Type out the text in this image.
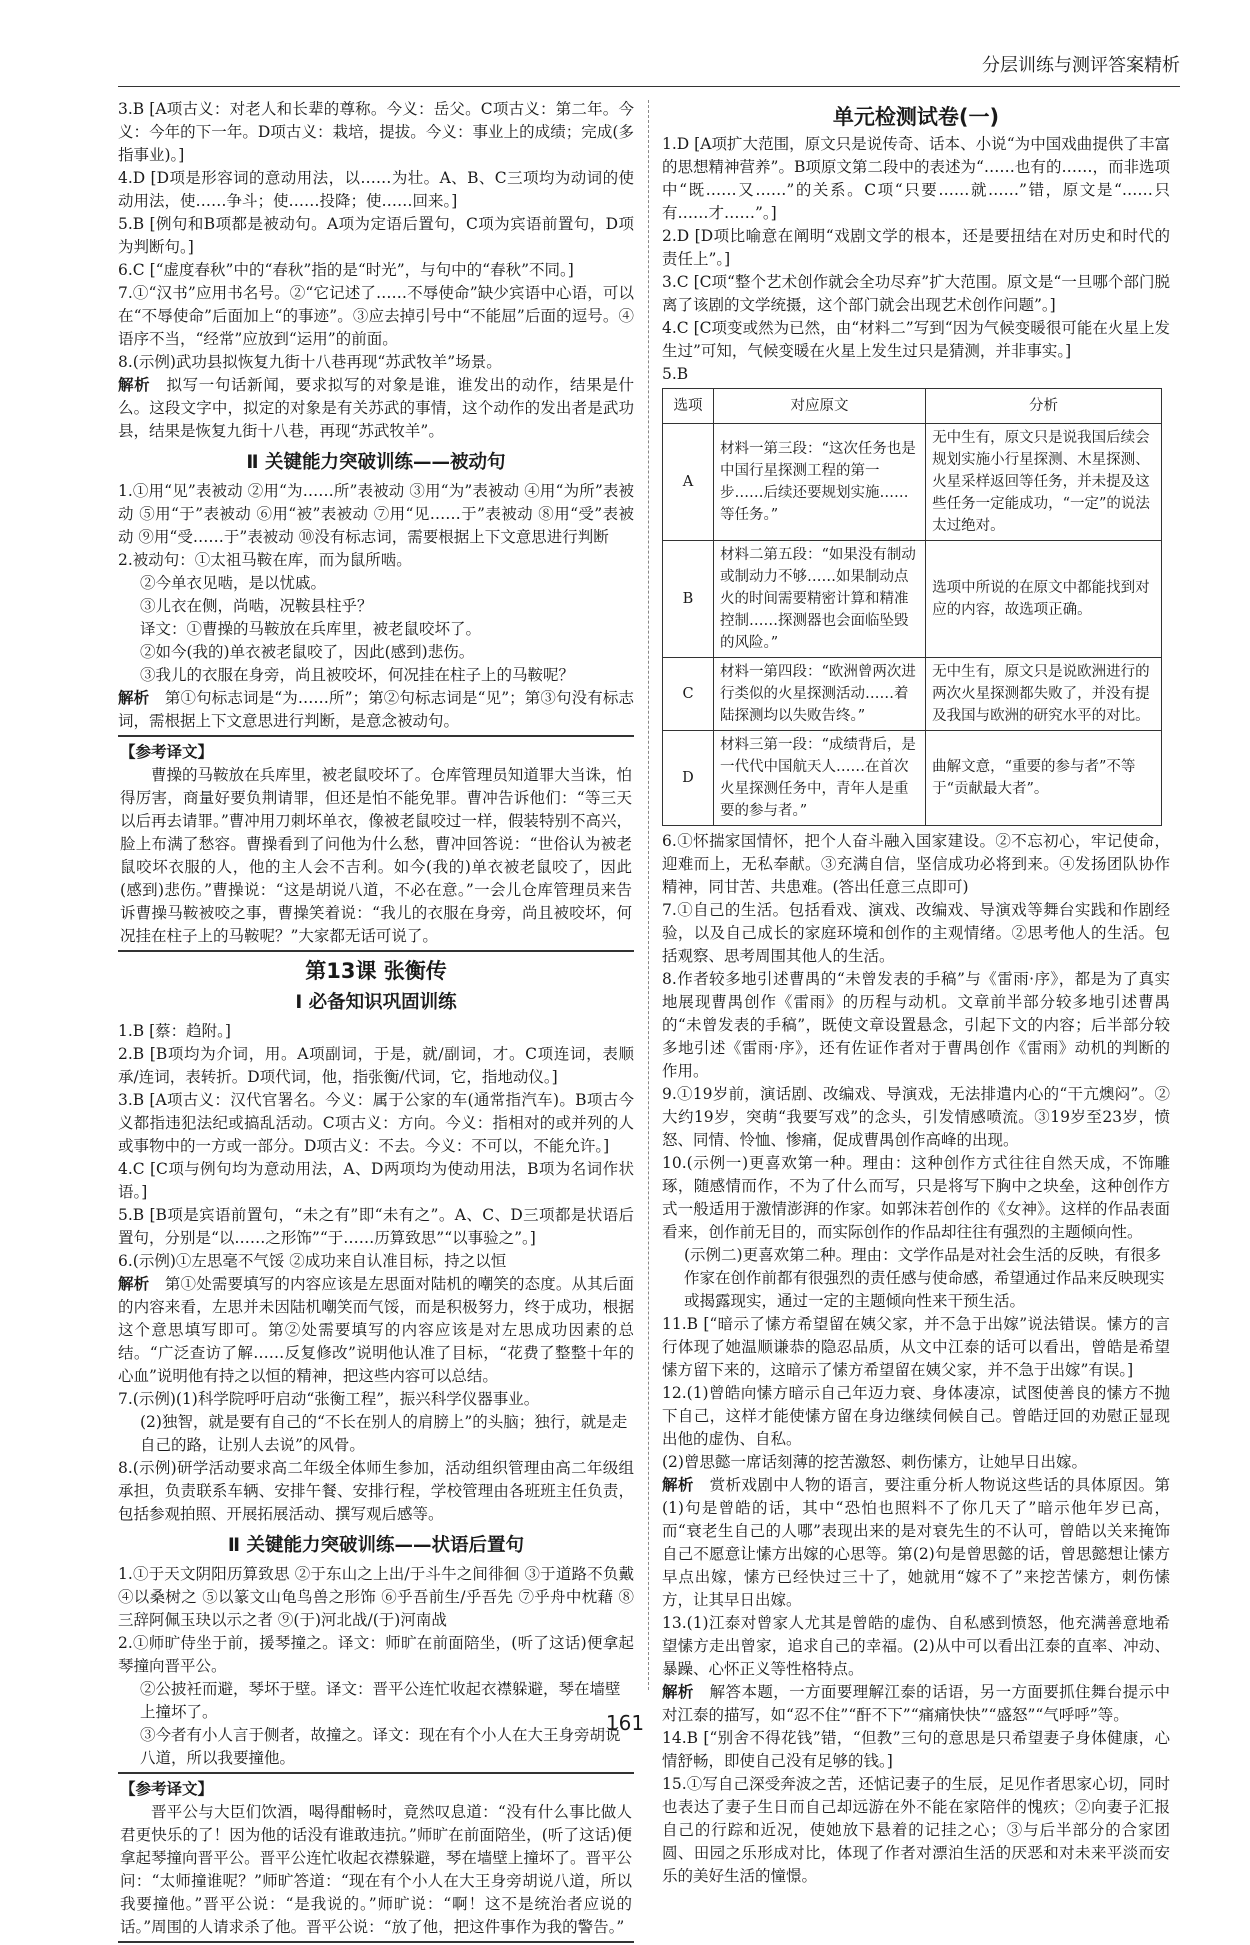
分层训练与测评答案精析

3.B [A项古义：对老人和长辈的尊称。今义：岳父。C项古义：第二年。今义：今年的下一年。D项古义：栽培，提拔。今义：事业上的成绩；完成(多指事业)。]

4.D [D项是形容词的意动用法，以……为壮。A、B、C三项均为动词的使动用法，使……争斗；使……投降；使……回来。]

5.B [例句和B项都是被动句。A项为定语后置句，C项为宾语前置句，D项为判断句。]

6.C [“虚度春秋”中的“春秋”指的是“时光”，与句中的“春秋”不同。]

7.①“汉书”应用书名号。②“它记述了……不辱使命”缺少宾语中心语，可以在“不辱使命”后面加上“的事迹”。③应去掉引号中“不能屈”后面的逗号。④语序不当，“经常”应放到“运用”的前面。

8.(示例)武功县拟恢复九街十八巷再现“苏武牧羊”场景。

解析　 拟写一句话新闻，要求拟写的对象是谁，谁发出的动作，结果是什么。这段文字中，拟定的对象是有关苏武的事情，这个动作的发出者是武功县，结果是恢复九街十八巷，再现“苏武牧羊”。

Ⅱ 关键能力突破训练——被动句

1.①用“见”表被动 ②用“为……所”表被动 ③用“为”表被动 ④用“为所”表被动 ⑤用“于”表被动 ⑥用“被”表被动 ⑦用“见……于”表被动 ⑧用“受”表被动 ⑨用“受……于”表被动 ⑩没有标志词，需要根据上下文意思进行判断

2.被动句：①太祖马鞍在库，而为鼠所啮。

②今单衣见啮，是以忧戚。

③儿衣在侧，尚啮，况鞍县柱乎？

译文：①曹操的马鞍放在兵库里，被老鼠咬坏了。

②如今(我的)单衣被老鼠咬了，因此(感到)悲伤。

③我儿的衣服在身旁，尚且被咬坏，何况挂在柱子上的马鞍呢？

解析　 第①句标志词是“为……所”；第②句标志词是“见”；第③句没有标志词，需根据上下文意思进行判断，是意念被动句。

【参考译文】

曹操的马鞍放在兵库里，被老鼠咬坏了。仓库管理员知道罪大当诛，怕得厉害，商量好要负荆请罪，但还是怕不能免罪。曹冲告诉他们：“等三天以后再去请罪。”曹冲用刀刺坏单衣，像被老鼠咬过一样，假装特别不高兴，脸上布满了愁容。曹操看到了问他为什么愁，曹冲回答说：“世俗认为被老鼠咬坏衣服的人，他的主人会不吉利。如今(我的)单衣被老鼠咬了，因此(感到)悲伤。”曹操说：“这是胡说八道，不必在意。”一会儿仓库管理员来告诉曹操马鞍被咬之事，曹操笑着说：“我儿的衣服在身旁，尚且被咬坏，何况挂在柱子上的马鞍呢？”大家都无话可说了。

第13课 张衡传
Ⅰ 必备知识巩固训练

1.B [蔡：趋附。]

2.B [B项均为介词，用。A项副词，于是，就/副词，才。C项连词，表顺承/连词，表转折。D项代词，他，指张衡/代词，它，指地动仪。]

3.B [A项古义：汉代官署名。今义：属于公家的车(通常指汽车)。B项古今义都指违犯法纪或搞乱活动。C项古义：方向。今义：指相对的或并列的人或事物中的一方或一部分。D项古义：不去。今义：不可以，不能允许。]

4.C [C项与例句均为意动用法，A、D两项均为使动用法，B项为名词作状语。]

5.B [B项是宾语前置句，“未之有”即“未有之”。A、C、D三项都是状语后置句，分别是“以……之形饰”“于……历算致思”“以事验之”。]

6.(示例)①左思毫不气馁 ②成功来自认准目标，持之以恒

解析　 第①处需要填写的内容应该是左思面对陆机的嘲笑的态度。从其后面的内容来看，左思并未因陆机嘲笑而气馁，而是积极努力，终于成功，根据这个意思填写即可。第②处需要填写的内容应该是对左思成功因素的总结。“广泛查访了解……反复修改”说明他认准了目标，“花费了整整十年的心血”说明他有持之以恒的精神，把这些内容可以总结。

7.(示例)(1)科学院呼吁启动“张衡工程”，振兴科学仪器事业。

(2)独智，就是要有自己的“不长在别人的肩膀上”的头脑；独行，就是走自己的路，让别人去说”的风骨。

8.(示例)研学活动要求高二年级全体师生参加，活动组织管理由高二年级组承担，负责联系车辆、安排午餐、安排行程，学校管理由各班班主任负责，包括参观拍照、开展拓展活动、撰写观后感等。

Ⅱ 关键能力突破训练——状语后置句

1.①于天文阴阳历算致思 ②于东山之上出/于斗牛之间徘徊 ③于道路不负戴 ④以桑树之 ⑤以篆文山龟鸟兽之形饰 ⑥乎吾前生/乎吾先 ⑦乎舟中枕藉 ⑧三辞阿佩玉玦以示之者 ⑨(于)河北战/(于)河南战

2.①师旷侍坐于前，援琴撞之。译文：师旷在前面陪坐，(听了这话)便拿起琴撞向晋平公。

②公披衽而避，琴坏于壁。译文：晋平公连忙收起衣襟躲避，琴在墙壁上撞坏了。

③今者有小人言于侧者，故撞之。译文：现在有个小人在大王身旁胡说八道，所以我要撞他。

【参考译文】

晋平公与大臣们饮酒，喝得酣畅时，竟然叹息道：“没有什么事比做人君更快乐的了！因为他的话没有谁敢违抗。”师旷在前面陪坐，(听了这话)便拿起琴撞向晋平公。晋平公连忙收起衣襟躲避，琴在墙壁上撞坏了。晋平公问：“太师撞谁呢？”师旷答道：“现在有个小人在大王身旁胡说八道，所以我要撞他。”晋平公说：“是我说的。”师旷说：“啊！这不是统治者应说的话。”周围的人请求杀了他。晋平公说：“放了他，把这件事作为我的警告。”

单元检测试卷(一)

1.D [A项扩大范围，原文只是说传奇、话本、小说“为中国戏曲提供了丰富的思想精神营养”。B项原文第二段中的表述为“……也有的……，而非选项中“既……又……”的关系。C项“只要……就……”错，原文是“……只有……才……”。]

2.D [D项比喻意在阐明“戏剧文学的根本，还是要扭结在对历史和时代的责任上”。]

3.C [C项“整个艺术创作就会全功尽弃”扩大范围。原文是“一旦哪个部门脱离了该剧的文学统摄，这个部门就会出现艺术创作问题”。]

4.C [C项变或然为已然，由“材料二”写到“因为气候变暖很可能在火星上发生过”可知，气候变暖在火星上发生过只是猜测，并非事实。]

5.B

选项	对应原文	分析
A	材料一第三段：“这次任务也是中国行星探测工程的第一步……后续还要规划实施……等任务。”	无中生有，原文只是说我国后续会规划实施小行星探测、木星探测、火星采样返回等任务，并未提及这些任务一定能成功，“一定”的说法太过绝对。
B	材料二第五段：“如果没有制动或制动力不够……如果制动点火的时间需要精密计算和精准控制……探测器也会面临坠毁的风险。”	选项中所说的在原文中都能找到对应的内容，故选项正确。
C	材料一第四段：“欧洲曾两次进行类似的火星探测活动……着陆探测均以失败告终。”	无中生有，原文只是说欧洲进行的两次火星探测都失败了，并没有提及我国与欧洲的研究水平的对比。
D	材料三第一段：“成绩背后，是一代代中国航天人……在首次火星探测任务中，青年人是重要的参与者。”	曲解文意，“重要的参与者”不等于“贡献最大者”。

6.①怀揣家国情怀，把个人奋斗融入国家建设。②不忘初心，牢记使命，迎难而上，无私奉献。③充满自信，坚信成功必将到来。④发扬团队协作精神，同甘苦、共患难。(答出任意三点即可)

7.①自己的生活。包括看戏、演戏、改编戏、导演戏等舞台实践和作剧经验，以及自己成长的家庭环境和创作的主观情绪。②思考他人的生活。包括观察、思考周围其他人的生活。

8.作者较多地引述曹禺的“未曾发表的手稿”与《雷雨·序》，都是为了真实地展现曹禺创作《雷雨》的历程与动机。文章前半部分较多地引述曹禺的“未曾发表的手稿”，既使文章设置悬念，引起下文的内容；后半部分较多地引述《雷雨·序》，还有佐证作者对于曹禺创作《雷雨》动机的判断的作用。

9.①19岁前，演话剧、改编戏、导演戏，无法排遣内心的“干亢燠闷”。②大约19岁，突萌“我要写戏”的念头，引发情感喷流。③19岁至23岁，愤怒、同情、怜恤、惨痛，促成曹禺创作高峰的出现。

10.(示例一)更喜欢第一种。理由：这种创作方式往往自然天成，不饰雕琢，随感情而作，不为了什么而写，只是将写下胸中之块垒，这种创作方式一般适用于激情澎湃的作家。如郭沫若创作的《女神》。这样的作品表面看来，创作前无目的，而实际创作的作品却往往有强烈的主题倾向性。

(示例二)更喜欢第二种。理由：文学作品是对社会生活的反映，有很多作家在创作前都有很强烈的责任感与使命感，希望通过作品来反映现实或揭露现实，通过一定的主题倾向性来干预生活。

11.B [“暗示了愫方希望留在姨父家，并不急于出嫁”说法错误。愫方的言行体现了她温顺谦恭的隐忍品质，从文中江泰的话可以看出，曾皓是希望愫方留下来的，这暗示了愫方希望留在姨父家，并不急于出嫁”有误。]

12.(1)曾皓向愫方暗示自己年迈力衰、身体凄凉，试图使善良的愫方不抛下自己，这样才能使愫方留在身边继续伺候自己。曾皓迂回的劝慰正显现出他的虚伪、自私。

(2)曾思懿一席话刻薄的挖苦激怒、刺伤愫方，让她早日出嫁。

解析　 赏析戏剧中人物的语言，要注重分析人物说这些话的具体原因。第(1)句是曾皓的话，其中“恐怕也照料不了你几天了”暗示他年岁已高，而“衰老生自己的人哪”表现出来的是对衰先生的不认可，曾皓以关来掩饰自己不愿意让愫方出嫁的心思等。第(2)句是曾思懿的话，曾思懿想让愫方早点出嫁，愫方已经快过三十了，她就用“嫁不了”来挖苦愫方，刺伤愫方，让其早日出嫁。

13.(1)江泰对曾家人尤其是曾皓的虚伪、自私感到愤怒，他充满善意地希望愫方走出曾家，追求自己的幸福。(2)从中可以看出江泰的直率、冲动、暴躁、心怀正义等性格特点。

解析　 解答本题，一方面要理解江泰的话语，另一方面要抓住舞台提示中对江泰的描写，如“忍不住”“酐不下”“痛痛快快”“盛怒”“气呼呼”等。

14.B [“别舍不得花钱”错，“但教”三句的意思是只希望妻子身体健康，心情舒畅，即使自己没有足够的钱。]

15.①写自己深受奔波之苦，还惦记妻子的生辰，足见作者思家心切，同时也表达了妻子生日而自己却远游在外不能在家陪伴的愧疚；②向妻子汇报自己的行踪和近况，使她放下悬着的记挂之心；③与后半部分的合家团圆、田园之乐形成对比，体现了作者对漂泊生活的厌恶和对未来平淡而安乐的美好生活的憧憬。

161
